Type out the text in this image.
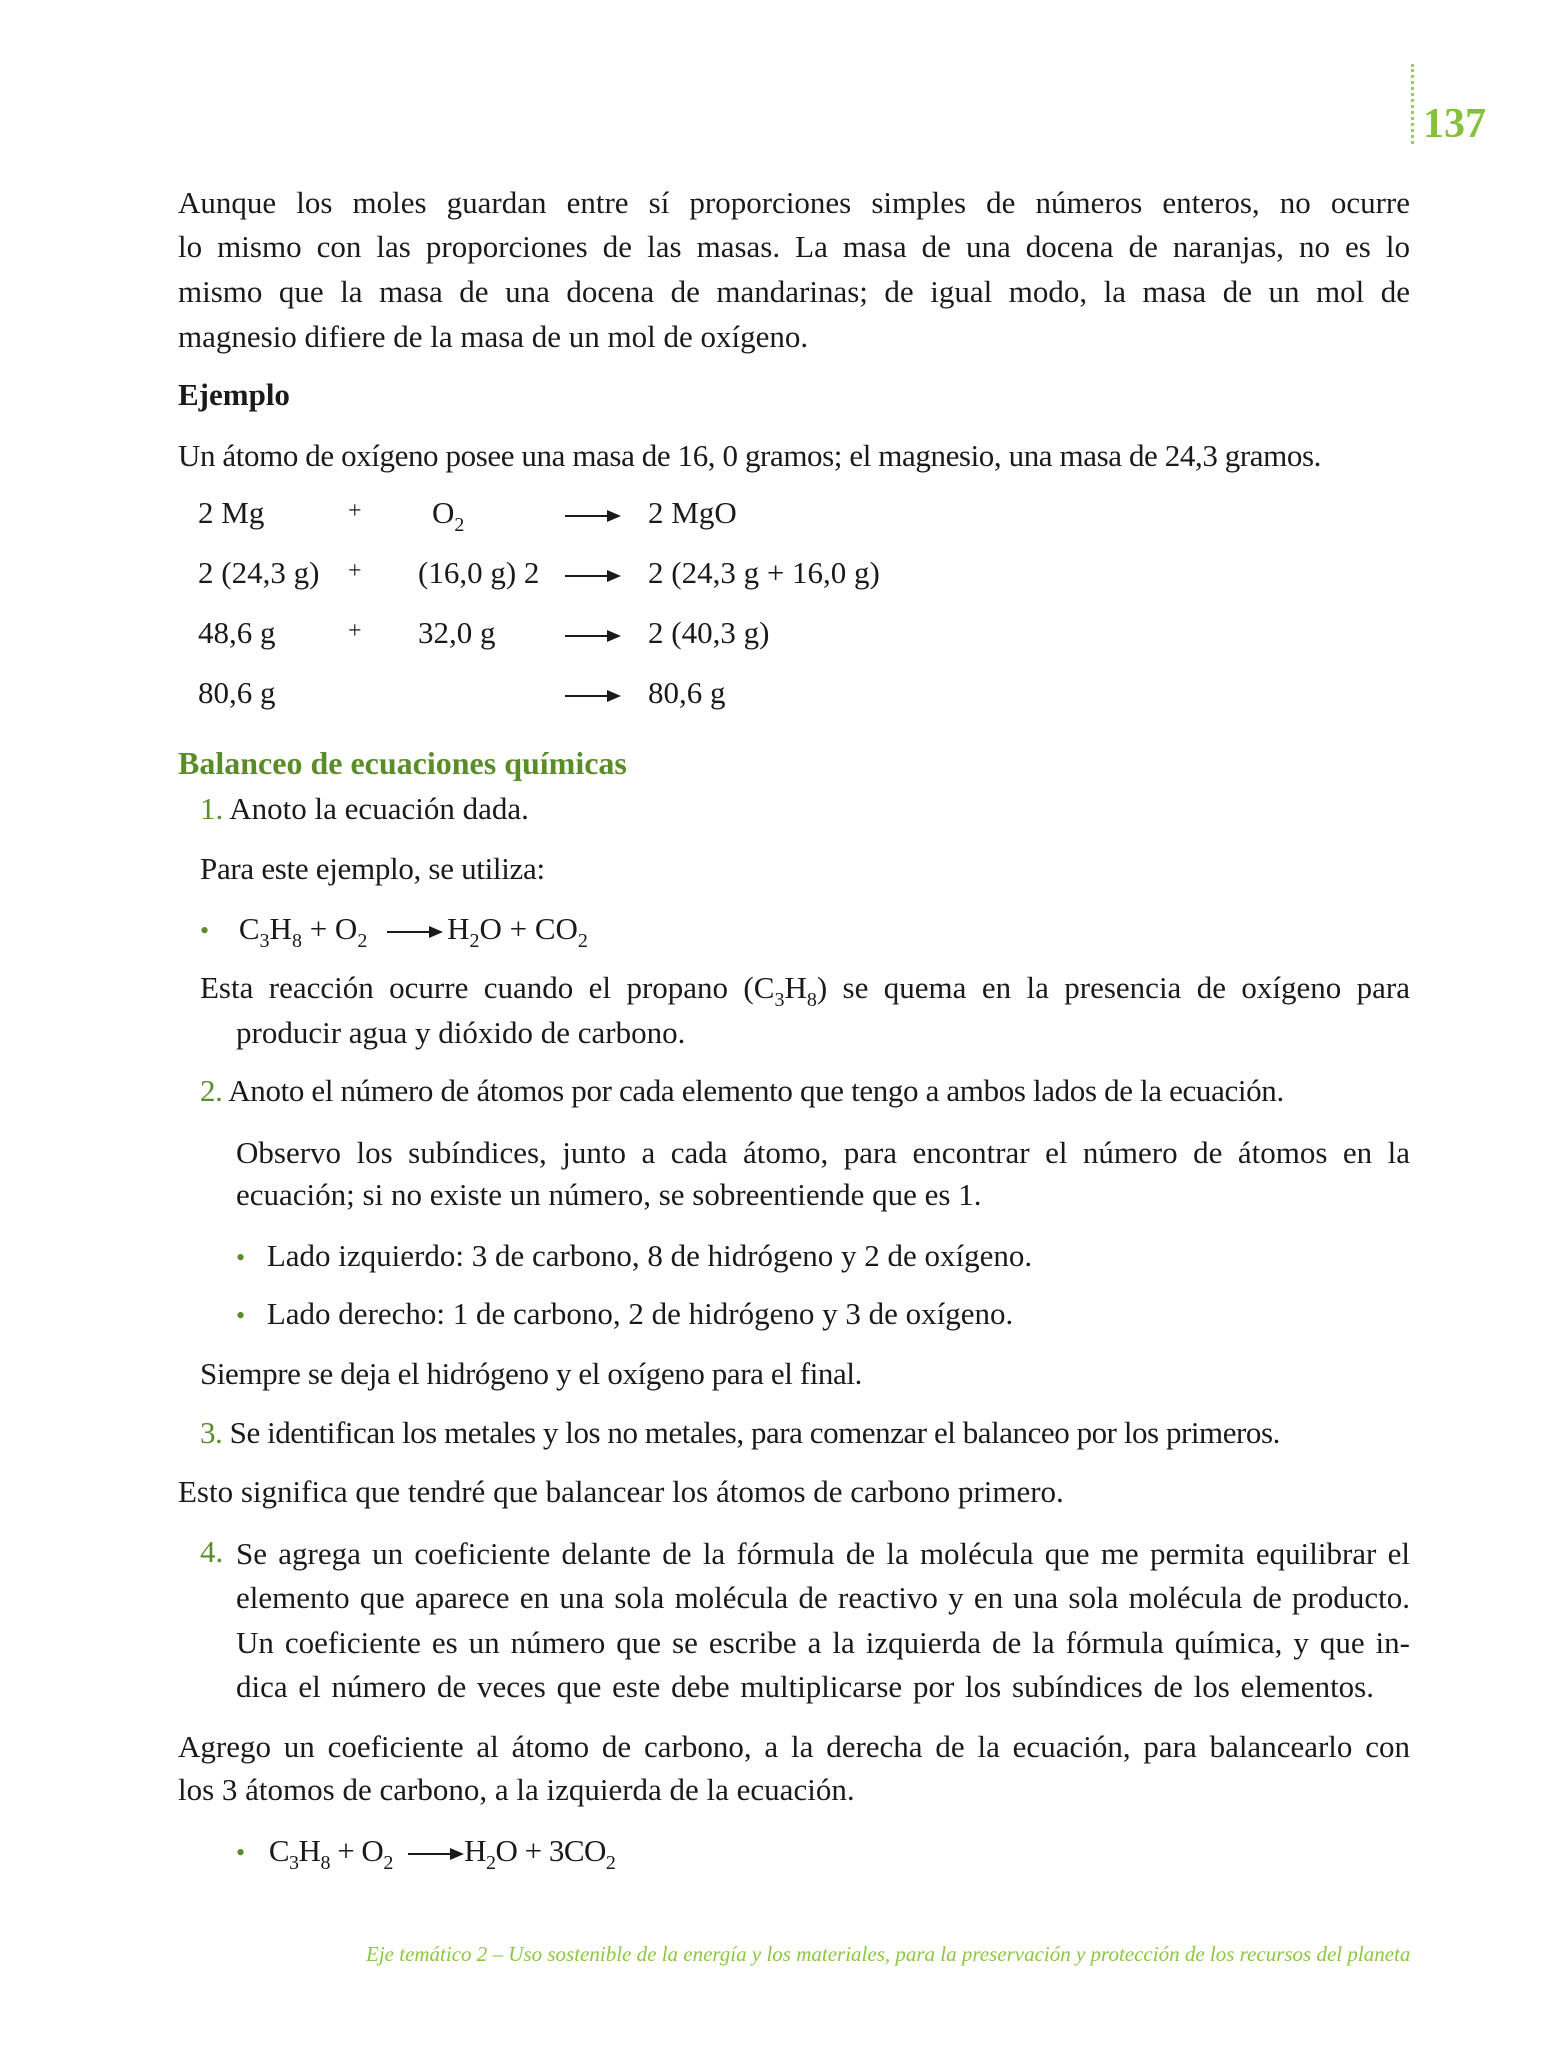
137
Aunque los moles guardan entre sí proporciones simples de números enteros, no ocurre
lo mismo con las proporciones de las masas. La masa de una docena de naranjas, no es lo
mismo que la masa de una docena de mandarinas; de igual modo, la masa de un mol de
magnesio difiere de la masa de un mol de oxígeno.
Ejemplo
Un átomo de oxígeno posee una masa de 16, 0 gramos; el magnesio, una masa de 24,3 gramos.
2 Mg	+ $O_2$	2 MgO
2 (24,3 g) + (16,0 g) 2	2 (24,3 g + 16,0 g)
48,6 g	+ 32,0 g	2 (40,3 g)
80,6 g	80,6 g
Balanceo de ecuaciones químicas
1. Anoto la ecuación dada.
Para este ejemplo, se utiliza:
• $C_3H_8 + O_2$	$H_2O + CO_2$
Esta reacción ocurre cuando el propano $(C_3H_8)$ se quema en la presencia de oxígeno para
producir agua y dióxido de carbono.
2. Anoto el número de átomos por cada elemento que tengo a ambos lados de la ecuación.
Observo los subíndices, junto a cada átomo, para encontrar el número de átomos en la
ecuación; si no existe un número, se sobreentiende que es 1.
• Lado izquierdo: 3 de carbono, 8 de hidrógeno y 2 de oxígeno.
• Lado derecho: 1 de carbono, 2 de hidrógeno y 3 de oxígeno.
Siempre se deja el hidrógeno y el oxígeno para el final.
3. Se identifican los metales y los no metales, para comenzar el balanceo por los primeros.
Esto significa que tendré que balancear los átomos de carbono primero.
4. Se agrega un coeficiente delante de la fórmula de la molécula que me permita equilibrar el
elemento que aparece en una sola molécula de reactivo y en una sola molécula de producto.
Un coeficiente es un número que se escribe a la izquierda de la fórmula química, y que in-
dica el número de veces que este debe multiplicarse por los subíndices de los elementos.
Agrego un coeficiente al átomo de carbono, a la derecha de la ecuación, para balancearlo con
los 3 átomos de carbono, a la izquierda de la ecuación.
• $C_3H_8 + O_2$ $H_2O + 3CO_2$
Eje temático 2 – Uso sostenible de la energía y los materiales, para la preservación y protección de los recursos del planeta
